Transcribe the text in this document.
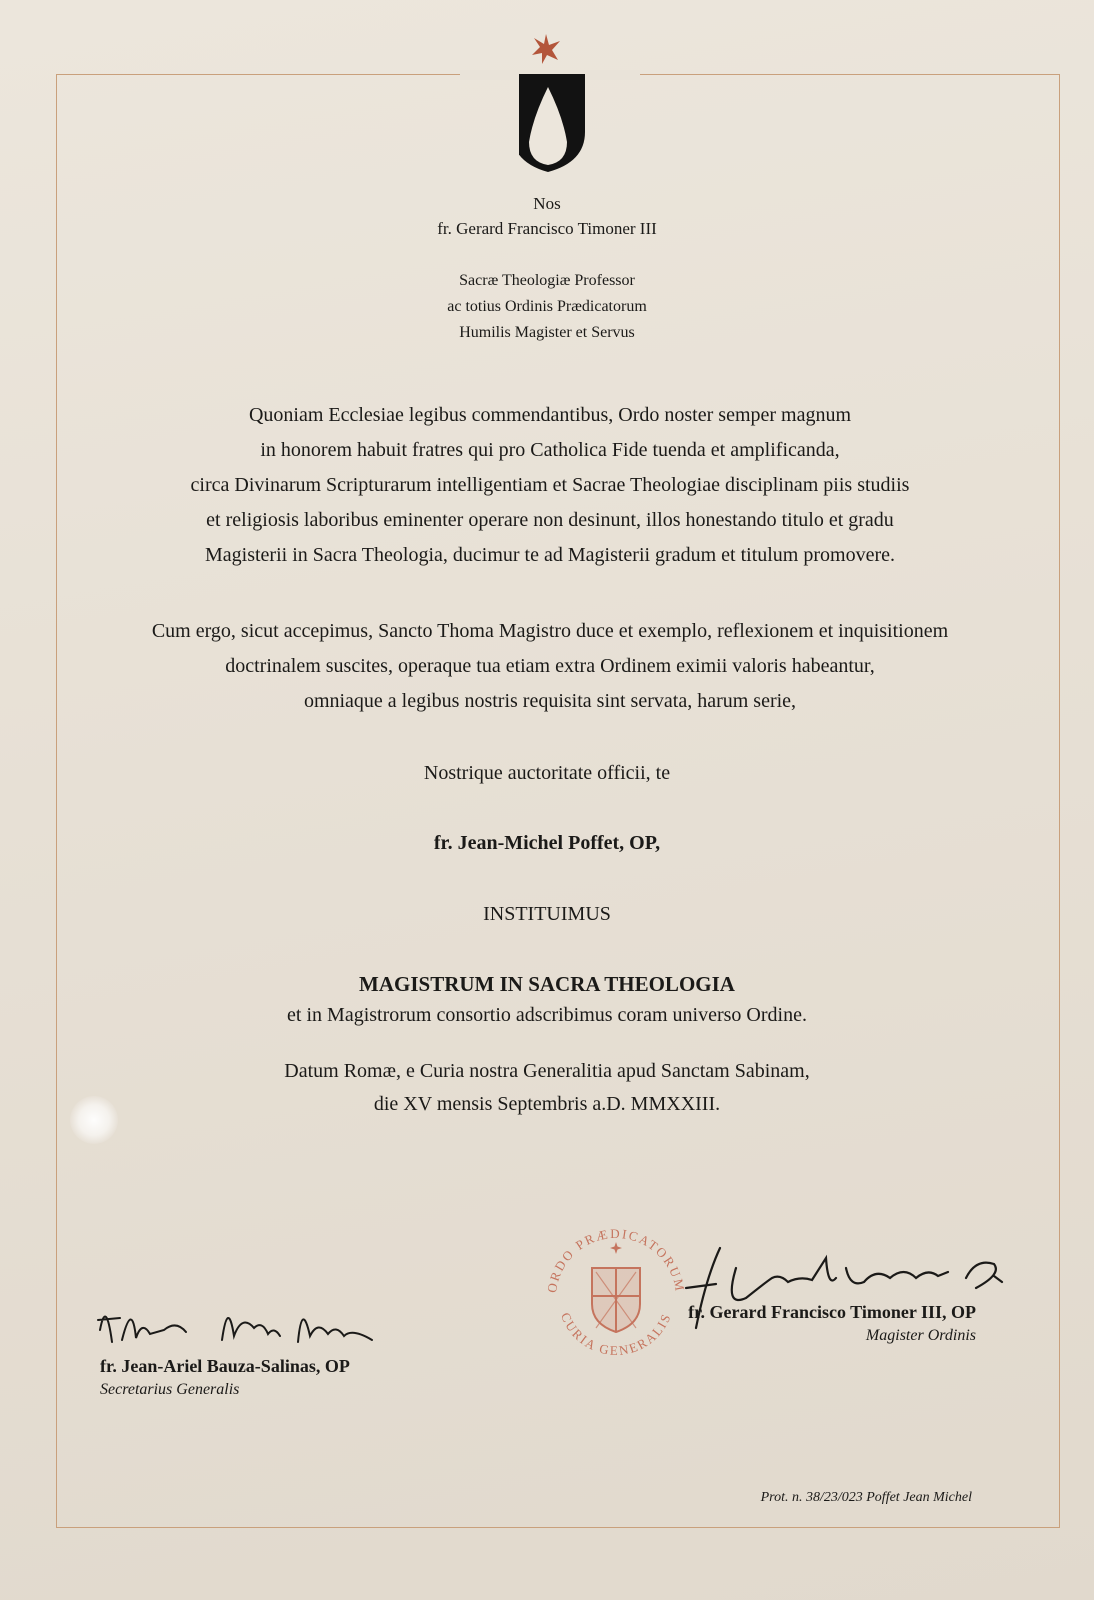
Nos
fr. Gerard Francisco Timoner III
Sacræ Theologiæ Professor
ac totius Ordinis Prædicatorum
Humilis Magister et Servus
Quoniam Ecclesiae legibus commendantibus, Ordo noster semper magnum
in honorem habuit fratres qui pro Catholica Fide tuenda et amplificanda,
circa Divinarum Scripturarum intelligentiam et Sacrae Theologiae disciplinam piis studiis
et religiosis laboribus eminenter operare non desinunt, illos honestando titulo et gradu
Magisterii in Sacra Theologia, ducimur te ad Magisterii gradum et titulum promovere.
Cum ergo, sicut accepimus, Sancto Thoma Magistro duce et exemplo, reflexionem et inquisitionem
doctrinalem suscites, operaque tua etiam extra Ordinem eximii valoris habeantur,
omniaque a legibus nostris requisita sint servata, harum serie,
Nostrique auctoritate officii, te
fr. Jean-Michel Poffet, OP,
INSTITUIMUS
MAGISTRUM IN SACRA THEOLOGIA
et in Magistrorum consortio adscribimus coram universo Ordine.
Datum Romæ, e Curia nostra Generalitia apud Sanctam Sabinam,
die XV mensis Septembris a.D. MMXXIII.
ORDO PRÆDICATORUM
CURIA GENERALIS
fr. Jean-Ariel Bauza-Salinas, OP
Secretarius Generalis
fr. Gerard Francisco Timoner III, OP
Magister Ordinis
Prot. n. 38/23/023 Poffet Jean Michel
